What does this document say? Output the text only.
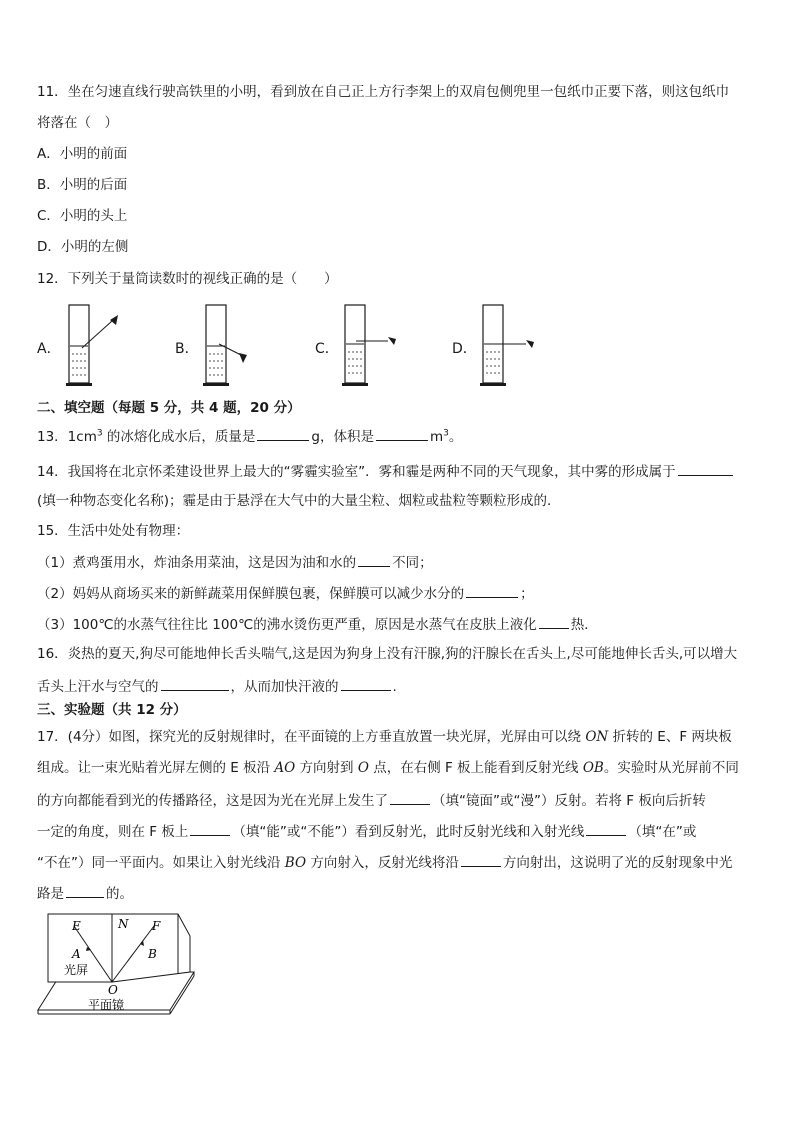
11．坐在匀速直线行驶高铁里的小明，看到放在自己正上方行李架上的双肩包侧兜里一包纸巾正要下落，则这包纸巾
将落在（　）
A．小明的前面
B．小明的后面
C．小明的头上
D．小明的左侧
12．下列关于量筒读数时的视线正确的是（　　）
A．	B．	C．	D．
二、填空题（每题 5 分，共 4 题，20 分）
13．$1cm^3$ 的冰熔化成水后，质量是	g，体积是	$m^3$。
14．我国将在北京怀柔建设世界上最大的“雾霾实验室”．雾和霾是两种不同的天气现象，其中雾的形成属于
(填一种物态变化名称)；霾是由于悬浮在大气中的大量尘粒、烟粒或盐粒等颗粒形成的．
15．生活中处处有物理：
（1）煮鸡蛋用水，炸油条用菜油，这是因为油和水的	不同；
（2）妈妈从商场买来的新鲜蔬菜用保鲜膜包裹，保鲜膜可以减少水分的	；
（3）100℃的水蒸气往往比 100℃的沸水烫伤更严重，原因是水蒸气在皮肤上液化	热．
16．炎热的夏天,狗尽可能地伸长舌头喘气,这是因为狗身上没有汗腺,狗的汗腺长在舌头上,尽可能地伸长舌头,可以增大
舌头上汗水与空气的	，从而加快汗液的	.
三、实验题（共 12 分）
17．(4分）如图，探究光的反射规律时，在平面镜的上方垂直放置一块光屏，光屏由可以绕 ON 折转的 E、F 两块板
组成。让一束光贴着光屏左侧的 E 板沿 AO 方向射到 O 点，在右侧 F 板上能看到反射光线 OB。实验时从光屏前不同
的方向都能看到光的传播路径，这是因为光在光屏上发生了	（填“镜面”或“漫”）反射。若将 F 板向后折转
一定的角度，则在 F 板上	（填“能”或“不能”）看到反射光，此时反射光线和入射光线	（填“在”或
“不在”）同一平面内。如果让入射光线沿 BO 方向射入，反射光线将沿	方向射出，这说明了光的反射现象中光
路是	的。
E	N F
A	B
O
光屏
平面镜
